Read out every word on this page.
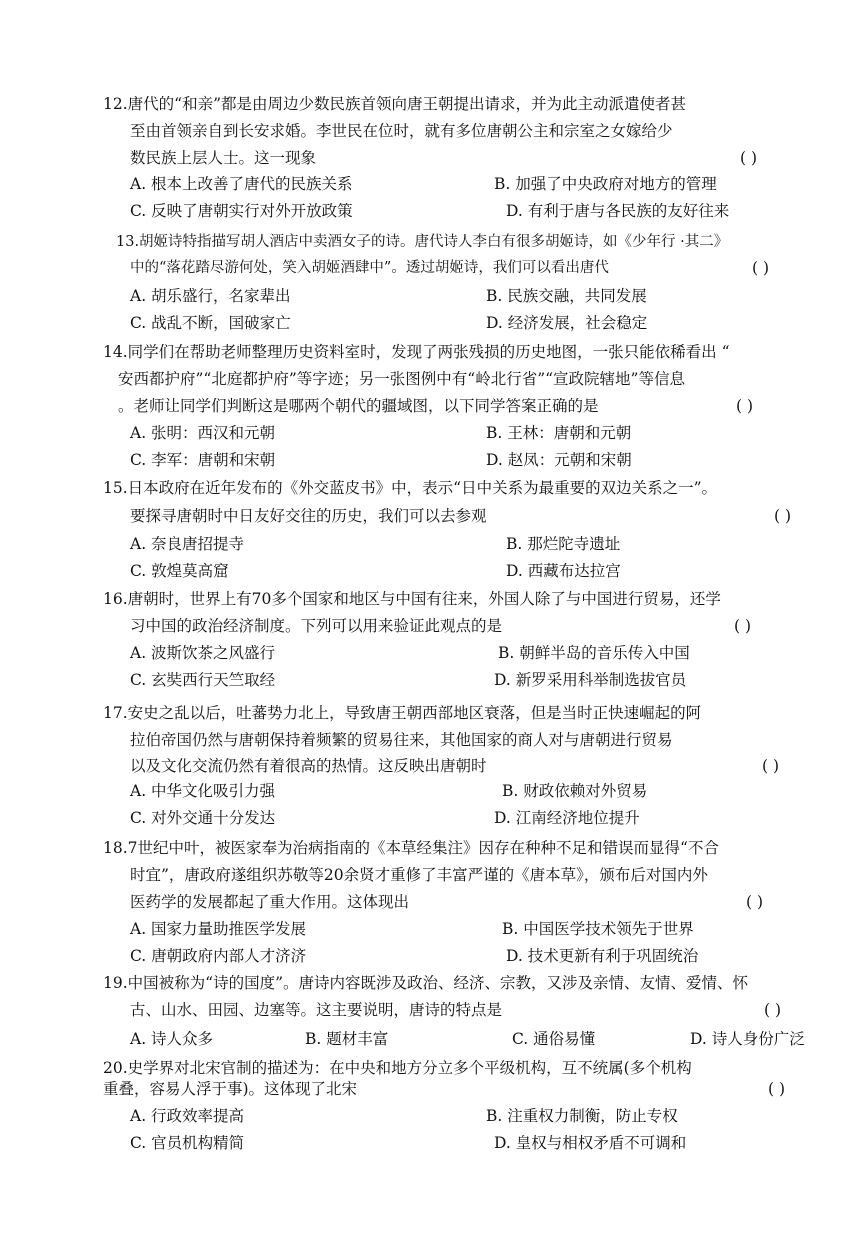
12.唐代的“和亲”都是由周边少数民族首领向唐王朝提出请求，并为此主动派遣使者甚
至由首领亲自到长安求婚。李世民在位时，就有多位唐朝公主和宗室之女嫁给少
数民族上层人士。这一现象	( )
A. 根本上改善了唐代的民族关系	B. 加强了中央政府对地方的管理
C. 反映了唐朝实行对外开放政策	D. 有利于唐与各民族的友好往来
13.胡姬诗特指描写胡人酒店中卖酒女子的诗。唐代诗人李白有很多胡姬诗，如《少年行 ·其二》
中的“落花踏尽游何处，笑入胡姬酒肆中”。透过胡姬诗，我们可以看出唐代	( )
A. 胡乐盛行，名家辈出	B. 民族交融，共同发展
C. 战乱不断，国破家亡	D. 经济发展，社会稳定
14.同学们在帮助老师整理历史资料室时，发现了两张残损的历史地图，一张只能依稀看出 “
安西都护府”“北庭都护府”等字迹；另一张图例中有“岭北行省”“宣政院辖地”等信息
。老师让同学们判断这是哪两个朝代的疆域图，以下同学答案正确的是	( )
A. 张明：西汉和元朝	B. 王林：唐朝和元朝
C. 李军：唐朝和宋朝	D. 赵凤：元朝和宋朝
15.日本政府在近年发布的《外交蓝皮书》中，表示“日中关系为最重要的双边关系之一”。
要探寻唐朝时中日友好交往的历史，我们可以去参观	( )
A. 奈良唐招提寺	B. 那烂陀寺遗址
C. 敦煌莫高窟	D. 西藏布达拉宫
16.唐朝时，世界上有70多个国家和地区与中国有往来，外国人除了与中国进行贸易，还学
习中国的政治经济制度。下列可以用来验证此观点的是	( )
A. 波斯饮茶之风盛行	B. 朝鲜半岛的音乐传入中国
C. 玄奘西行天竺取经	D. 新罗采用科举制选拔官员
17.安史之乱以后，吐蕃势力北上，导致唐王朝西部地区衰落，但是当时正快速崛起的阿
拉伯帝国仍然与唐朝保持着频繁的贸易往来，其他国家的商人对与唐朝进行贸易
以及文化交流仍然有着很高的热情。这反映出唐朝时	( )
A. 中华文化吸引力强	B. 财政依赖对外贸易
C. 对外交通十分发达	D. 江南经济地位提升
18.7世纪中叶，被医家奉为治病指南的《本草经集注》因存在种种不足和错误而显得“不合
时宜”，唐政府遂组织苏敬等20余贤才重修了丰富严谨的《唐本草》，颁布后对国内外
医药学的发展都起了重大作用。这体现出	( )
A. 国家力量助推医学发展	B. 中国医学技术领先于世界
C. 唐朝政府内部人才济济	D. 技术更新有利于巩固统治
19.中国被称为“诗的国度”。唐诗内容既涉及政治、经济、宗教，又涉及亲情、友情、爱情、怀
古、山水、田园、边塞等。这主要说明，唐诗的特点是	( )
A. 诗人众多	B. 题材丰富	C. 通俗易懂	D. 诗人身份广泛
20.史学界对北宋官制的描述为：在中央和地方分立多个平级机构，互不统属(多个机构
重叠，容易人浮于事)。这体现了北宋	( )
A. 行政效率提高	B. 注重权力制衡，防止专权
C. 官员机构精简	D. 皇权与相权矛盾不可调和
